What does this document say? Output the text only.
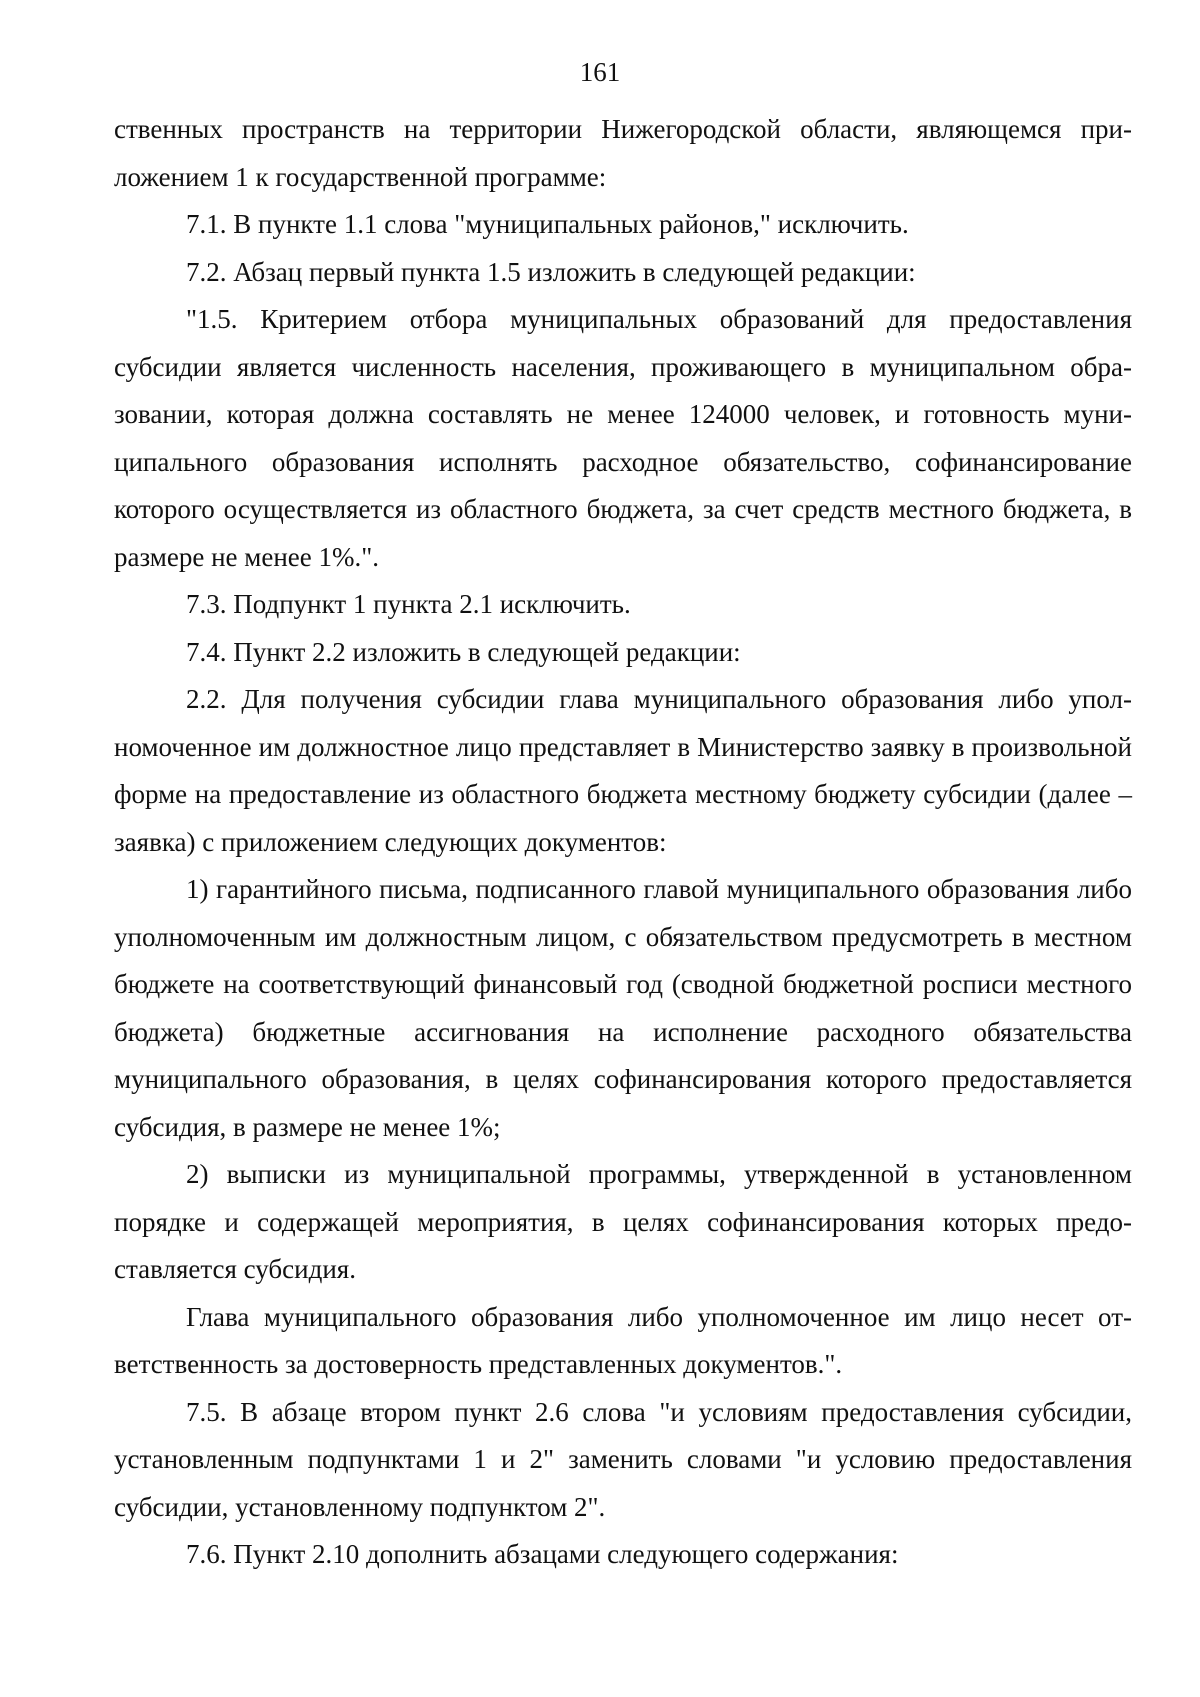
161

ственных пространств на территории Нижегородской области, являющемся приложением 1 к государственной программе:

7.1. В пункте 1.1 слова "муниципальных районов," исключить.

7.2. Абзац первый пункта 1.5 изложить в следующей редакции:

"1.5. Критерием отбора муниципальных образований для предоставления субсидии является численность населения, проживающего в муниципальном образовании, которая должна составлять не менее 124000 человек, и готовность муниципального образования исполнять расходное обязательство, софинансирование которого осуществляется из областного бюджета, за счет средств местного бюджета, в размере не менее 1%.".

7.3. Подпункт 1 пункта 2.1 исключить.

7.4. Пункт 2.2 изложить в следующей редакции:

2.2. Для получения субсидии глава муниципального образования либо уполномоченное им должностное лицо представляет в Министерство заявку в произвольной форме на предоставление из областного бюджета местному бюджету субсидии (далее – заявка) с приложением следующих документов:

1) гарантийного письма, подписанного главой муниципального образования либо уполномоченным им должностным лицом, с обязательством предусмотреть в местном бюджете на соответствующий финансовый год (сводной бюджетной росписи местного бюджета) бюджетные ассигнования на исполнение расходного обязательства муниципального образования, в целях софинансирования которого предоставляется субсидия, в размере не менее 1%;

2) выписки из муниципальной программы, утвержденной в установленном порядке и содержащей мероприятия, в целях софинансирования которых предоставляется субсидия.

Глава муниципального образования либо уполномоченное им лицо несет ответственность за достоверность представленных документов.".

7.5. В абзаце втором пункт 2.6 слова "и условиям предоставления субсидии, установленным подпунктами 1 и 2" заменить словами "и условию предоставления субсидии, установленному подпунктом 2".

7.6. Пункт 2.10 дополнить абзацами следующего содержания:
